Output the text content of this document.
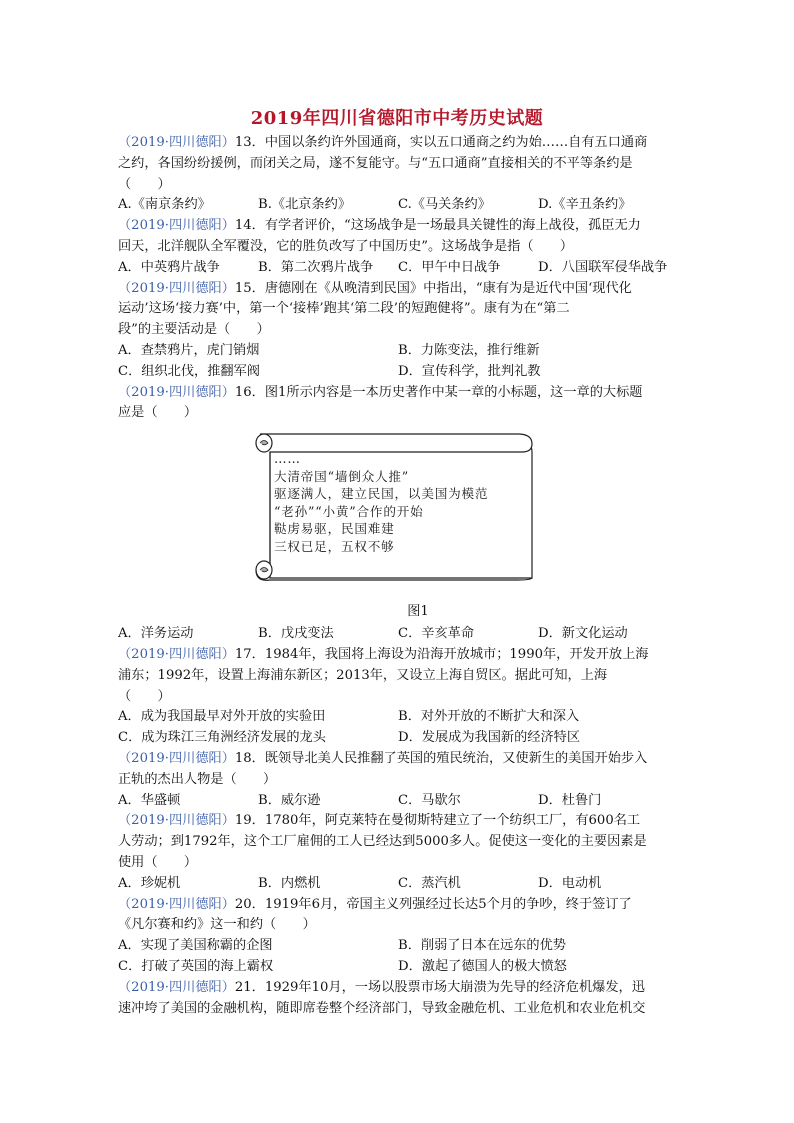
2019年四川省德阳市中考历史试题
（2019·四川德阳）13．中国以条约许外国通商，实以五口通商之约为始……自有五口通商
之约，各国纷纷援例，而闭关之局，遂不复能守。与“五口通商”直接相关的不平等条约是
（　　）
A.《南京条约》	B.《北京条约》	C.《马关条约》	D.《辛丑条约》
（2019·四川德阳）14．有学者评价，“这场战争是一场最具关键性的海上战役，孤臣无力
回天，北洋舰队全军覆没，它的胜负改写了中国历史”。这场战争是指（　　）
A．中英鸦片战争	B．第二次鸦片战争	C．甲午中日战争	D．八国联军侵华战争
（2019·四川德阳）15．唐德刚在《从晚清到民国》中指出，“康有为是近代中国‘现代化
运动’这场‘接力赛’中，第一个‘接棒’跑其‘第二段’的短跑健将”。康有为在“第二
段”的主要活动是（　　）
A．查禁鸦片，虎门销烟	B．力陈变法，推行维新
C．组织北伐，推翻军阀	D．宣传科学，批判礼教
（2019·四川德阳）16．图1所示内容是一本历史著作中某一章的小标题，这一章的大标题
应是（　　）
……
大清帝国“墙倒众人推”
驱逐满人，建立民国，以美国为模范
“老孙”“小黄”合作的开始
鞑虏易驱，民国难建
三权已足，五权不够
图1
A．洋务运动	B．戊戌变法	C．辛亥革命	D．新文化运动
（2019·四川德阳）17．1984年，我国将上海设为沿海开放城市；1990年，开发开放上海
浦东；1992年，设置上海浦东新区；2013年，又设立上海自贸区。据此可知，上海
（　　）
A．成为我国最早对外开放的实验田	B．对外开放的不断扩大和深入
C．成为珠江三角洲经济发展的龙头	D．发展成为我国新的经济特区
（2019·四川德阳）18．既领导北美人民推翻了英国的殖民统治，又使新生的美国开始步入
正轨的杰出人物是（　　）
A．华盛顿	B．威尔逊	C．马歇尔	D．杜鲁门
（2019·四川德阳）19．1780年，阿克莱特在曼彻斯特建立了一个纺织工厂，有600名工
人劳动；到1792年，这个工厂雇佣的工人已经达到5000多人。促使这一变化的主要因素是
使用（　　）
A．珍妮机	B．内燃机	C．蒸汽机	D．电动机
（2019·四川德阳）20．1919年6月，帝国主义列强经过长达5个月的争吵，终于签订了
《凡尔赛和约》这一和约（　　）
A．实现了美国称霸的企图	B．削弱了日本在远东的优势
C．打破了英国的海上霸权	D．激起了德国人的极大愤怒
（2019·四川德阳）21．1929年10月，一场以股票市场大崩溃为先导的经济危机爆发，迅
速冲垮了美国的金融机构，随即席卷整个经济部门，导致金融危机、工业危机和农业危机交
